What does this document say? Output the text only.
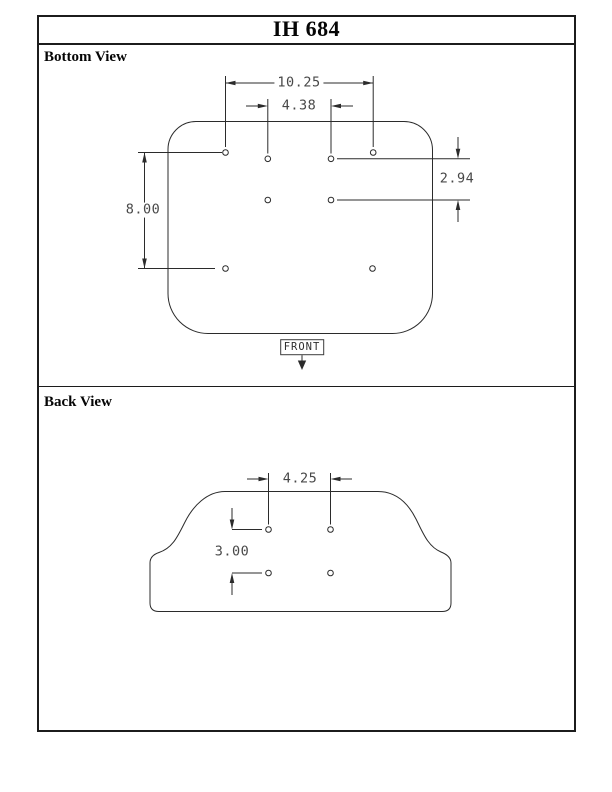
IH 684
Bottom View
Back View
10.25
4.38
8.00
2.94
FRONT
4.25
3.00
